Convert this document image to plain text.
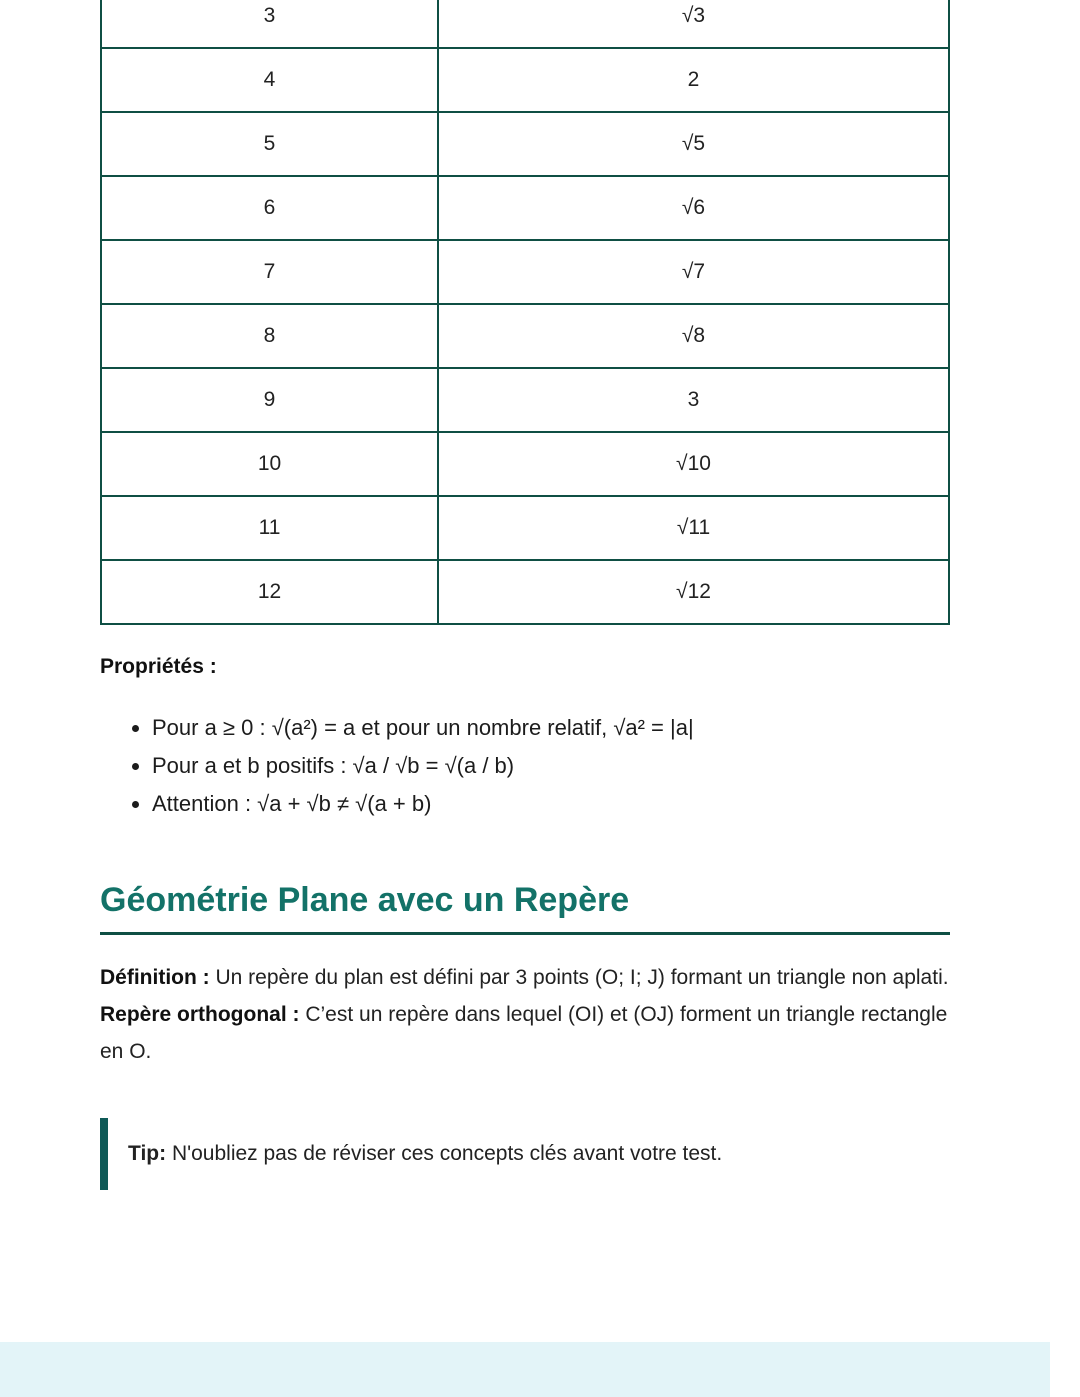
3	√3
4	2
5	√5
6	√6
7	√7
8	√8
9	3
10	√10
11	√11
12	√12
Propriétés :
• Pour a ≥ 0 : √(a²) = a et pour un nombre relatif, √a² = |a|
• Pour a et b positifs : √a / √b = √(a / b)
• Attention : √a + √b ≠ √(a + b)
Géométrie Plane avec un Repère
Définition : Un repère du plan est défini par 3 points (O; I; J) formant un triangle non aplati.
Repère orthogonal : C’est un repère dans lequel (OI) et (OJ) forment un triangle rectangle en O.
Tip: N'oubliez pas de réviser ces concepts clés avant votre test.
